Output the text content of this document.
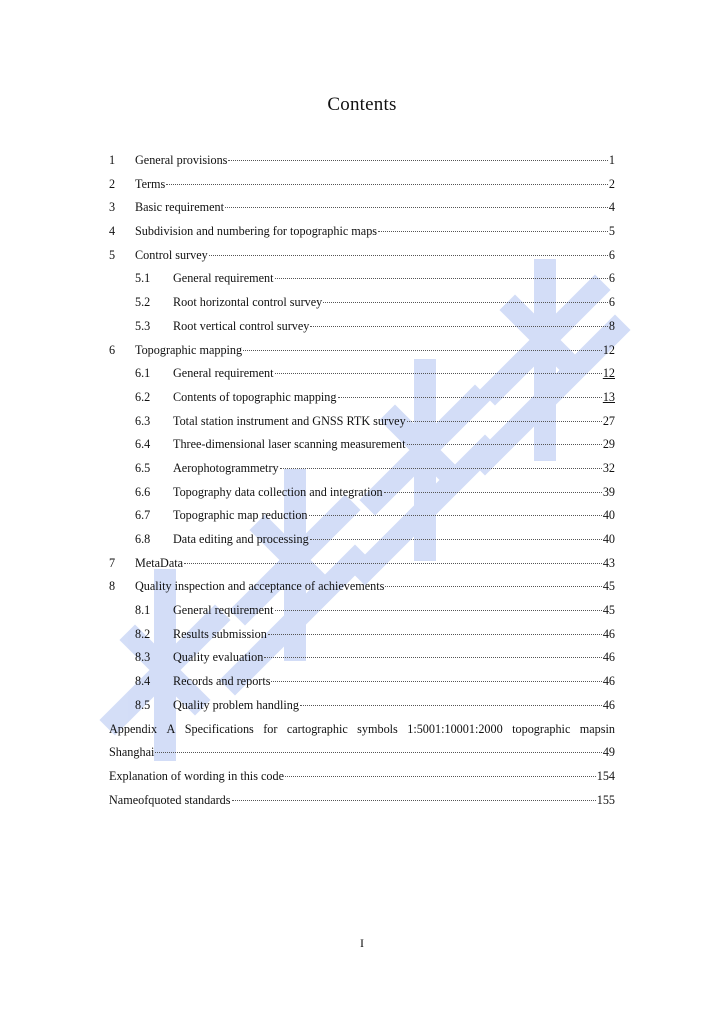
Contents
1	General provisions	1
2	Terms	2
3	Basic requirement	4
4	Subdivision and numbering for topographic maps	5
5	Control survey	6
5.1	General requirement	6
5.2	Root horizontal control survey	6
5.3	Root vertical control survey	8
6	Topographic mapping	12
6.1	General requirement	12
6.2	Contents of topographic mapping	13
6.3	Total station instrument and GNSS RTK survey	27
6.4	Three-dimensional laser scanning measurement	29
6.5	Aerophotogrammetry	32
6.6	Topography data collection and integration	39
6.7	Topographic map reduction	40
6.8	Data editing and processing	40
7	MetaData	43
8	Quality inspection and acceptance of achievements	45
8.1	General requirement	45
8.2	Results submission	46
8.3	Quality evaluation	46
8.4	Records and reports	46
8.5	Quality problem handling	46
Appendix A Specifications for cartographic symbols 1:5001:10001:2000 topographic mapsin
Shanghai	49
Explanation of wording in this code	154
Nameofquoted standards	155
I
